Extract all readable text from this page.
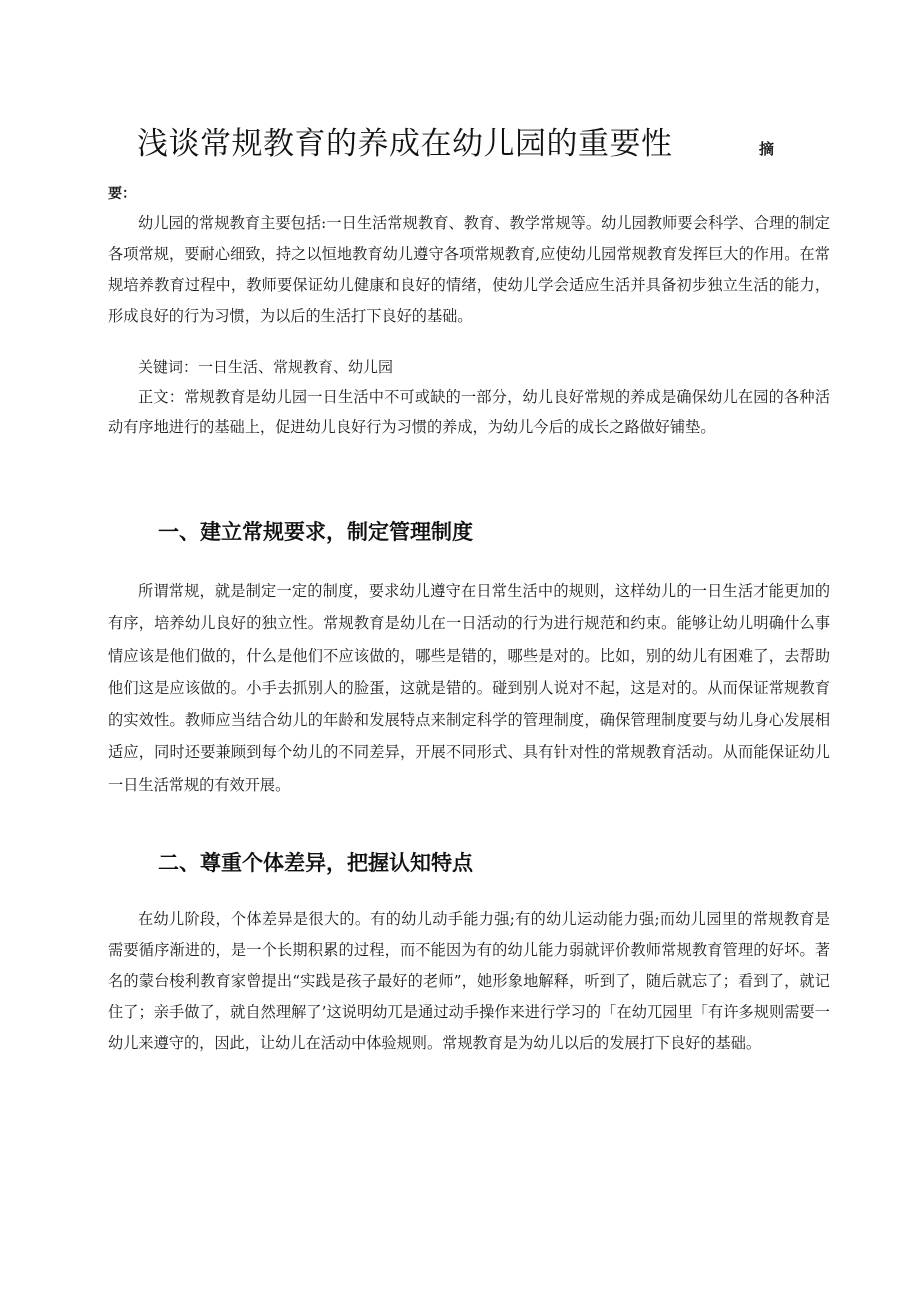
浅谈常规教育的养成在幼儿园的重要性	摘
要：

幼儿园的常规教育主要包括:一日生活常规教育、教育、教学常规等。幼儿园教师要会科学、合理的制定各项常规，要耐心细致，持之以恒地教育幼儿遵守各项常规教育,应使幼儿园常规教育发挥巨大的作用。在常规培养教育过程中，教师要保证幼儿健康和良好的情绪，使幼儿学会适应生活并具备初步独立生活的能力，形成良好的行为习惯，为以后的生活打下良好的基础。

关键词：一日生活、常规教育、幼儿园

正文：常规教育是幼儿园一日生活中不可或缺的一部分，幼儿良好常规的养成是确保幼儿在园的各种活动有序地进行的基础上，促进幼儿良好行为习惯的养成，为幼儿今后的成长之路做好铺垫。

一、建立常规要求，制定管理制度

所谓常规，就是制定一定的制度，要求幼儿遵守在日常生活中的规则，这样幼儿的一日生活才能更加的有序，培养幼儿良好的独立性。常规教育是幼儿在一日活动的行为进行规范和约束。能够让幼儿明确什么事情应该是他们做的，什么是他们不应该做的，哪些是错的，哪些是对的。比如，别的幼儿有困难了，去帮助他们这是应该做的。小手去抓别人的脸蛋，这就是错的。碰到别人说对不起，这是对的。从而保证常规教育的实效性。教师应当结合幼儿的年龄和发展特点来制定科学的管理制度，确保管理制度要与幼儿身心发展相适应，同时还要兼顾到每个幼儿的不同差异，开展不同形式、具有针对性的常规教育活动。从而能保证幼儿一日生活常规的有效开展。

二、尊重个体差异，把握认知特点

在幼儿阶段，个体差异是很大的。有的幼儿动手能力强;有的幼儿运动能力强;而幼儿园里的常规教育是需要循序渐进的，是一个长期积累的过程，而不能因为有的幼儿能力弱就评价教师常规教育管理的好坏。著名的蒙台梭利教育家曾提出“实践是孩子最好的老师”，她形象地解释，听到了，随后就忘了；看到了，就记住了；亲手做了，就自然理解了’这说明幼兀是通过动手操作来进行学习的「在幼兀园里「有许多规则需要一幼儿来遵守的，因此，让幼儿在活动中体验规则。常规教育是为幼儿以后的发展打下良好的基础。
